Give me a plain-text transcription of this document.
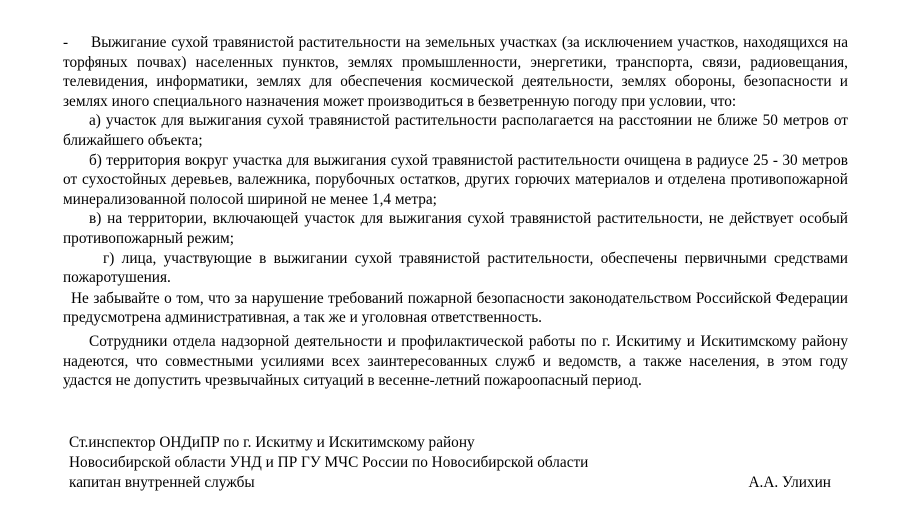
- Выжигание сухой травянистой растительности на земельных участках (за исключением участков, находящихся на торфяных почвах) населенных пунктов, землях промышленности, энергетики, транспорта, связи, радиовещания, телевидения, информатики, землях для обеспечения космической деятельности, землях обороны, безопасности и землях иного специального назначения может производиться в безветренную погоду при условии, что:

а) участок для выжигания сухой травянистой растительности располагается на расстоянии не ближе 50 метров от ближайшего объекта;

б) территория вокруг участка для выжигания сухой травянистой растительности очищена в радиусе 25 - 30 метров от сухостойных деревьев, валежника, порубочных остатков, других горючих материалов и отделена противопожарной минерализованной полосой шириной не менее 1,4 метра;

в) на территории, включающей участок для выжигания сухой травянистой растительности, не действует особый противопожарный режим;

г) лица, участвующие в выжигании сухой травянистой растительности, обеспечены первичными средствами пожаротушения.

Не забывайте о том, что за нарушение требований пожарной безопасности законодательством Российской Федерации предусмотрена административная, а так же и уголовная ответственность.

Сотрудники отдела надзорной деятельности и профилактической работы по г. Искитиму и Искитимскому району надеются, что совместными усилиями всех заинтересованных служб и ведомств, а также населения, в этом году удастся не допустить чрезвычайных ситуаций в весенне-летний пожароопасный период.

Ст.инспектор ОНДиПР по г. Искитму и Искитимскому району
Новосибирской области УНД и ПР ГУ МЧС России по Новосибирской области
капитан внутренней службы	А.А. Улихин
